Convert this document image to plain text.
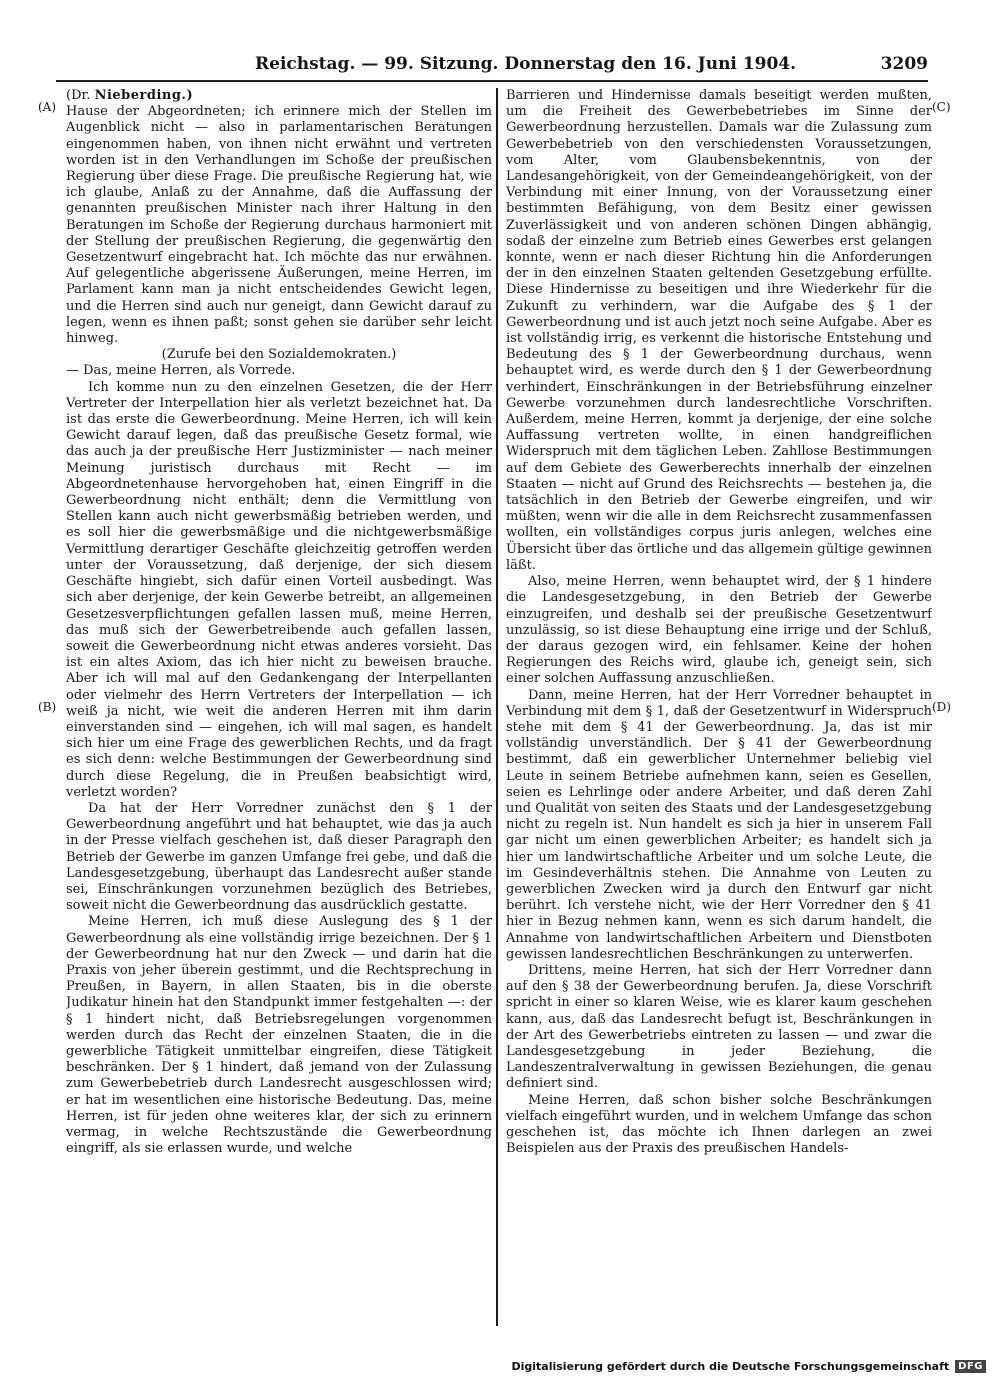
Reichstag. — 99. Sitzung. Donnerstag den 16. Juni 1904.	3209
(A)
(B)
(C)
(D)

(Dr. Nieberding.)

Hause der Abgeordneten; ich erinnere mich der Stellen im Augenblick nicht — also in parlamentarischen Beratungen eingenommen haben, von ihnen nicht erwähnt und vertreten worden ist in den Verhandlungen im Schoße der preußischen Regierung über diese Frage. Die preußische Regierung hat, wie ich glaube, Anlaß zu der Annahme, daß die Auffassung der genannten preußischen Minister nach ihrer Haltung in den Beratungen im Schoße der Regierung durchaus harmoniert mit der Stellung der preußischen Regierung, die gegenwärtig den Gesetzentwurf eingebracht hat. Ich möchte das nur erwähnen. Auf gelegentliche abgerissene Äußerungen, meine Herren, im Parlament kann man ja nicht entscheidendes Gewicht legen, und die Herren sind auch nur geneigt, dann Gewicht darauf zu legen, wenn es ihnen paßt; sonst gehen sie darüber sehr leicht hinweg.

(Zurufe bei den Sozialdemokraten.)

— Das, meine Herren, als Vorrede.

Ich komme nun zu den einzelnen Gesetzen, die der Herr Vertreter der Interpellation hier als verletzt bezeichnet hat. Da ist das erste die Gewerbeordnung. Meine Herren, ich will kein Gewicht darauf legen, daß das preußische Gesetz formal, wie das auch ja der preußische Herr Justizminister — nach meiner Meinung juristisch durchaus mit Recht — im Abgeordnetenhause hervorgehoben hat, einen Eingriff in die Gewerbeordnung nicht enthält; denn die Vermittlung von Stellen kann auch nicht gewerbsmäßig betrieben werden, und es soll hier die gewerbsmäßige und die nichtgewerbsmäßige Vermittlung derartiger Geschäfte gleichzeitig getroffen werden unter der Voraussetzung, daß derjenige, der sich diesem Geschäfte hingiebt, sich dafür einen Vorteil ausbedingt. Was sich aber derjenige, der kein Gewerbe betreibt, an allgemeinen Gesetzesverpflichtungen gefallen lassen muß, meine Herren, das muß sich der Gewerbetreibende auch gefallen lassen, soweit die Gewerbeordnung nicht etwas anderes vorsieht. Das ist ein altes Axiom, das ich hier nicht zu beweisen brauche. Aber ich will mal auf den Gedankengang der Interpellanten oder vielmehr des Herrn Vertreters der Interpellation — ich weiß ja nicht, wie weit die anderen Herren mit ihm darin einverstanden sind — eingehen, ich will mal sagen, es handelt sich hier um eine Frage des gewerblichen Rechts, und da fragt es sich denn: welche Bestimmungen der Gewerbeordnung sind durch diese Regelung, die in Preußen beabsichtigt wird, verletzt worden?

Da hat der Herr Vorredner zunächst den § 1 der Gewerbeordnung angeführt und hat behauptet, wie das ja auch in der Presse vielfach geschehen ist, daß dieser Paragraph den Betrieb der Gewerbe im ganzen Umfange frei gebe, und daß die Landesgesetzgebung, überhaupt das Landesrecht außer stande sei, Einschränkungen vorzunehmen bezüglich des Betriebes, soweit nicht die Gewerbeordnung das ausdrücklich gestatte.

Meine Herren, ich muß diese Auslegung des § 1 der Gewerbeordnung als eine vollständig irrige bezeichnen. Der § 1 der Gewerbeordnung hat nur den Zweck — und darin hat die Praxis von jeher überein gestimmt, und die Rechtsprechung in Preußen, in Bayern, in allen Staaten, bis in die oberste Judikatur hinein hat den Standpunkt immer festgehalten —: der § 1 hindert nicht, daß Betriebsregelungen vorgenommen werden durch das Recht der einzelnen Staaten, die in die gewerbliche Tätigkeit unmittelbar eingreifen, diese Tätigkeit beschränken. Der § 1 hindert, daß jemand von der Zulassung zum Gewerbebetrieb durch Landesrecht ausgeschlossen wird; er hat im wesentlichen eine historische Bedeutung. Das, meine Herren, ist für jeden ohne weiteres klar, der sich zu erinnern vermag, in welche Rechtszustände die Gewerbeordnung eingriff, als sie erlassen wurde, und welche

Barrieren und Hindernisse damals beseitigt werden mußten, um die Freiheit des Gewerbebetriebes im Sinne der Gewerbeordnung herzustellen. Damals war die Zulassung zum Gewerbebetrieb von den verschiedensten Voraussetzungen, vom Alter, vom Glaubensbekenntnis, von der Landesangehörigkeit, von der Gemeindeangehörigkeit, von der Verbindung mit einer Innung, von der Voraussetzung einer bestimmten Befähigung, von dem Besitz einer gewissen Zuverlässigkeit und von anderen schönen Dingen abhängig, sodaß der einzelne zum Betrieb eines Gewerbes erst gelangen konnte, wenn er nach dieser Richtung hin die Anforderungen der in den einzelnen Staaten geltenden Gesetzgebung erfüllte. Diese Hindernisse zu beseitigen und ihre Wiederkehr für die Zukunft zu verhindern, war die Aufgabe des § 1 der Gewerbeordnung und ist auch jetzt noch seine Aufgabe. Aber es ist vollständig irrig, es verkennt die historische Entstehung und Bedeutung des § 1 der Gewerbeordnung durchaus, wenn behauptet wird, es werde durch den § 1 der Gewerbeordnung verhindert, Einschränkungen in der Betriebsführung einzelner Gewerbe vorzunehmen durch landesrechtliche Vorschriften. Außerdem, meine Herren, kommt ja derjenige, der eine solche Auffassung vertreten wollte, in einen handgreiflichen Widerspruch mit dem täglichen Leben. Zahllose Bestimmungen auf dem Gebiete des Gewerberechts innerhalb der einzelnen Staaten — nicht auf Grund des Reichsrechts — bestehen ja, die tatsächlich in den Betrieb der Gewerbe eingreifen, und wir müßten, wenn wir die alle in dem Reichsrecht zusammenfassen wollten, ein vollständiges corpus juris anlegen, welches eine Übersicht über das örtliche und das allgemein gültige gewinnen läßt.

Also, meine Herren, wenn behauptet wird, der § 1 hindere die Landesgesetzgebung, in den Betrieb der Gewerbe einzugreifen, und deshalb sei der preußische Gesetzentwurf unzulässig, so ist diese Behauptung eine irrige und der Schluß, der daraus gezogen wird, ein fehlsamer. Keine der hohen Regierungen des Reichs wird, glaube ich, geneigt sein, sich einer solchen Auffassung anzuschließen.

Dann, meine Herren, hat der Herr Vorredner behauptet in Verbindung mit dem § 1, daß der Gesetzentwurf in Widerspruch stehe mit dem § 41 der Gewerbeordnung. Ja, das ist mir vollständig unverständlich. Der § 41 der Gewerbeordnung bestimmt, daß ein gewerblicher Unternehmer beliebig viel Leute in seinem Betriebe aufnehmen kann, seien es Gesellen, seien es Lehrlinge oder andere Arbeiter, und daß deren Zahl und Qualität von seiten des Staats und der Landesgesetzgebung nicht zu regeln ist. Nun handelt es sich ja hier in unserem Fall gar nicht um einen gewerblichen Arbeiter; es handelt sich ja hier um landwirtschaftliche Arbeiter und um solche Leute, die im Gesindeverhältnis stehen. Die Annahme von Leuten zu gewerblichen Zwecken wird ja durch den Entwurf gar nicht berührt. Ich verstehe nicht, wie der Herr Vorredner den § 41 hier in Bezug nehmen kann, wenn es sich darum handelt, die Annahme von landwirtschaftlichen Arbeitern und Dienstboten gewissen landesrechtlichen Beschränkungen zu unterwerfen.

Drittens, meine Herren, hat sich der Herr Vorredner dann auf den § 38 der Gewerbeordnung berufen. Ja, diese Vorschrift spricht in einer so klaren Weise, wie es klarer kaum geschehen kann, aus, daß das Landesrecht befugt ist, Beschränkungen in der Art des Gewerbetriebs eintreten zu lassen — und zwar die Landesgesetzgebung in jeder Beziehung, die Landeszentralverwaltung in gewissen Beziehungen, die genau definiert sind.

Meine Herren, daß schon bisher solche Beschränkungen vielfach eingeführt wurden, und in welchem Umfange das schon geschehen ist, das möchte ich Ihnen darlegen an zwei Beispielen aus der Praxis des preußischen Handels-

Digitalisierung gefördert durch die Deutsche Forschungsgemeinschaft DFG
